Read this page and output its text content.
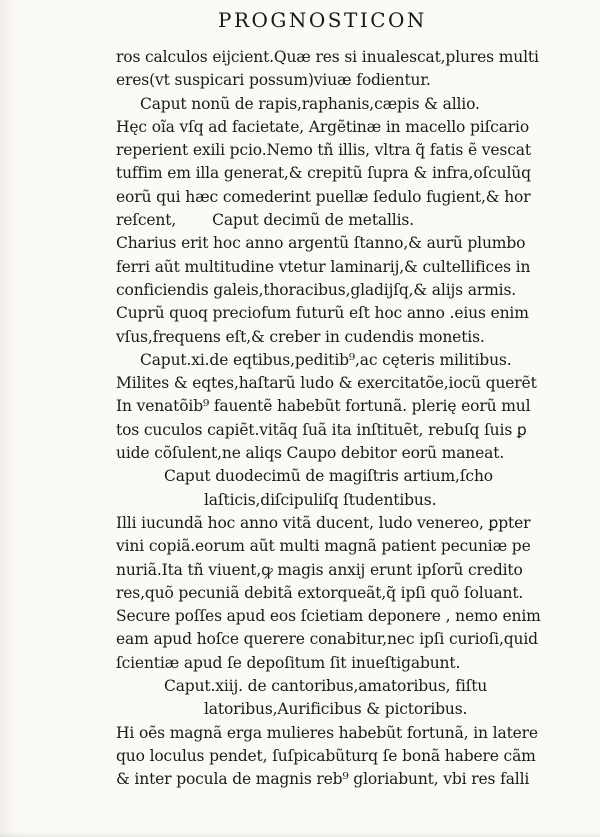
PROGNOSTICON
ros calculos eijcient.Quæ res si inualescat,plures multi
eres(vt suspicari possum)viuæ fodientur.
Caput nonũ de rapis,raphanis,cæpis & allio.
Hęc oĩa vſq ad facietate, Argẽtinæ in macello piſcario
reperient exili pcio.Nemo tñ illis, vltra q̃ fatis ẽ vescat
tuffim em illa generat,& crepitũ ſupra & infra,oſculũq
eorũ qui hæc comederint puellæ ſedulo fugient,& hor
reſcent, Caput decimũ de metallis.
Charius erit hoc anno argentũ ſtanno,& aurũ plumbo
ferri aũt multitudine vtetur laminarij,& cultellifices in
conficiendis galeis,thoracibus,gladijſq,& alijs armis.
Cuprũ quoq preciofum futurũ eſt hoc anno .eius enim
vſus,frequens eſt,& creber in cudendis monetis.
Caput.xi.de eqtibus,peditib⁹,ac cęteris militibus.
Milites & eqtes,haſtarũ ludo & exercitatõe,iocũ querẽt
In venatõib⁹ fauentẽ habebũt fortunã. plerię eorũ mul
tos cuculos capiẽt.vitãq ſuã ita inſtituẽt, rebuſq ſuis ꝑ
uide cõſulent,ne aliqs Caupo debitor eorũ maneat.
Caput duodecimũ de magiſtris artium,ſcho
laſticis,diſcipuliſq ſtudentibus.
Illi iucundã hoc anno vitã ducent, ludo venereo, ꝑpter
vini copiã.eorum aũt multi magnã patient pecuniæ pe
nuriã.Ita tñ viuent,ꝙ magis anxij erunt ipſorũ credito
res,quõ pecuniã debitã extorqueãt,q̃ ipſi quõ ſoluant.
Secure poſſes apud eos ſcietiam deponere , nemo enim
eam apud hoſce querere conabitur,nec ipſi curioſi,quid
ſcientiæ apud ſe depoſitum ſit inueſtigabunt.
Caput.xiij. de cantoribus,amatoribus, fiſtu
latoribus,Aurificibus & pictoribus.
Hi oẽs magnã erga mulieres habebũt fortunã, in latere
quo loculus pendet, ſuſpicabũturq ſe bonã habere cãm
& inter pocula de magnis reb⁹ gloriabunt, vbi res falli
